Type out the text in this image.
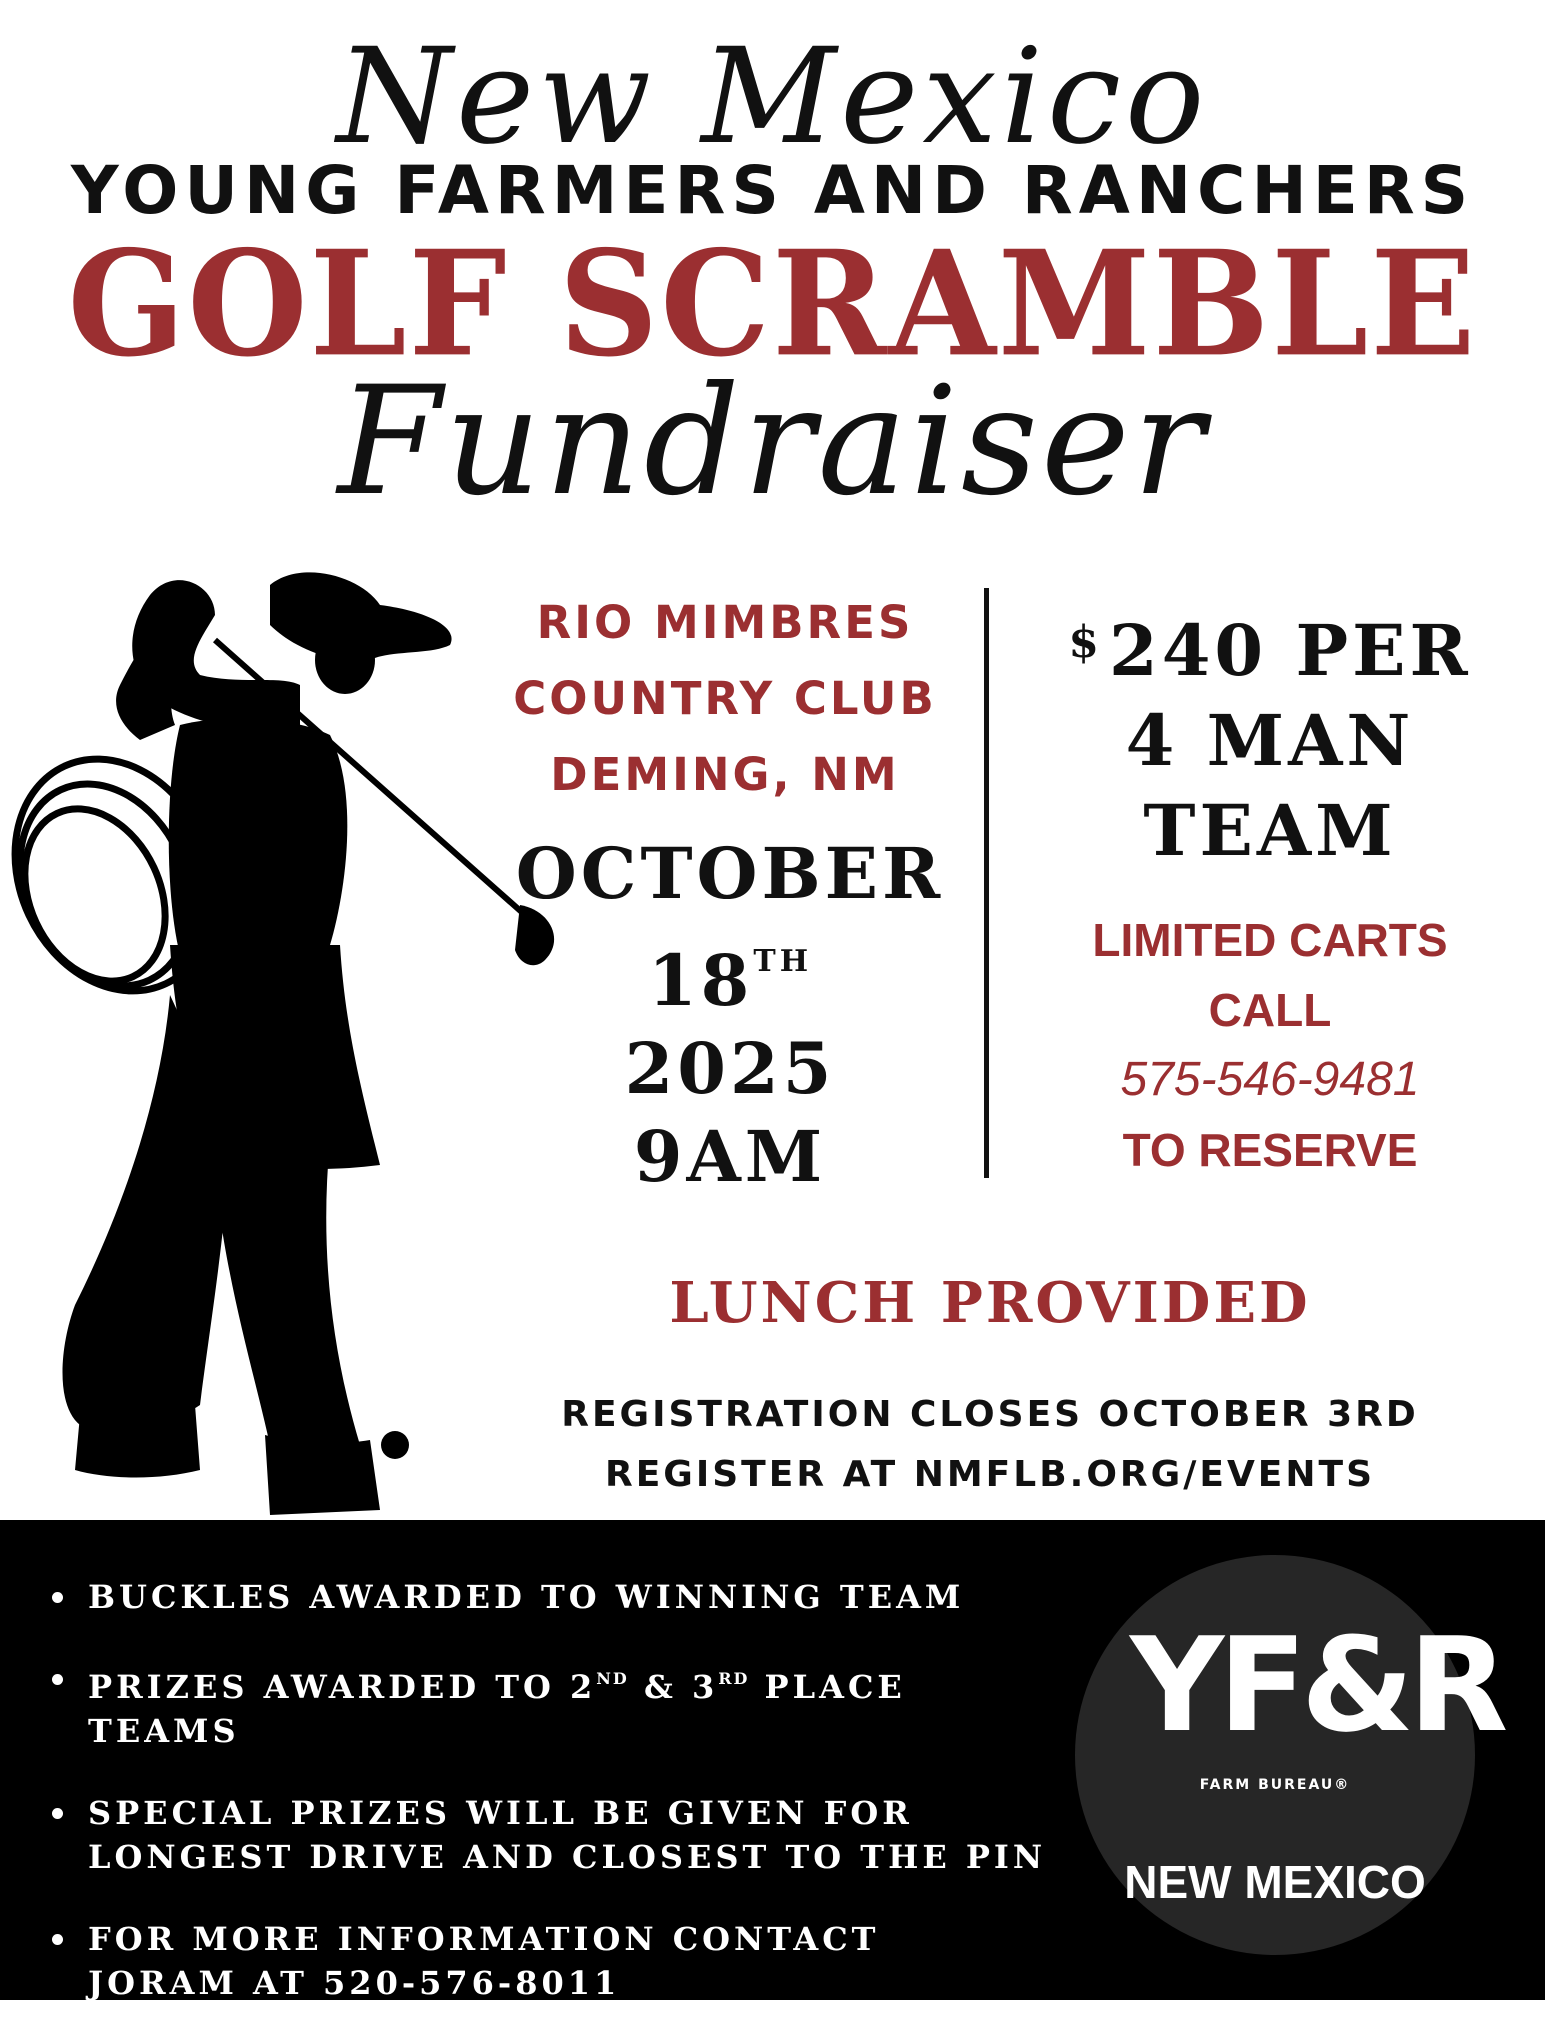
New Mexico
YOUNG FARMERS AND RANCHERS
GOLF SCRAMBLE
Fundraiser
RIO MIMBRES
COUNTRY CLUB
DEMING, NM
OCTOBER
18TH
2025
9AM
$240 PER
4 MAN
TEAM
LIMITED CARTS
CALL
575-546-9481
TO RESERVE
LUNCH PROVIDED
REGISTRATION CLOSES OCTOBER 3RD
REGISTER AT NMFLB.ORG/EVENTS
BUCKLES AWARDED TO WINNING TEAM
PRIZES AWARDED TO 2ND & 3RD PLACE TEAMS
SPECIAL PRIZES WILL BE GIVEN FOR
LONGEST DRIVE AND CLOSEST TO THE PIN
FOR MORE INFORMATION CONTACT
JORAM AT 520-576-8011
YF&R
FARM BUREAU®
NEW MEXICO
